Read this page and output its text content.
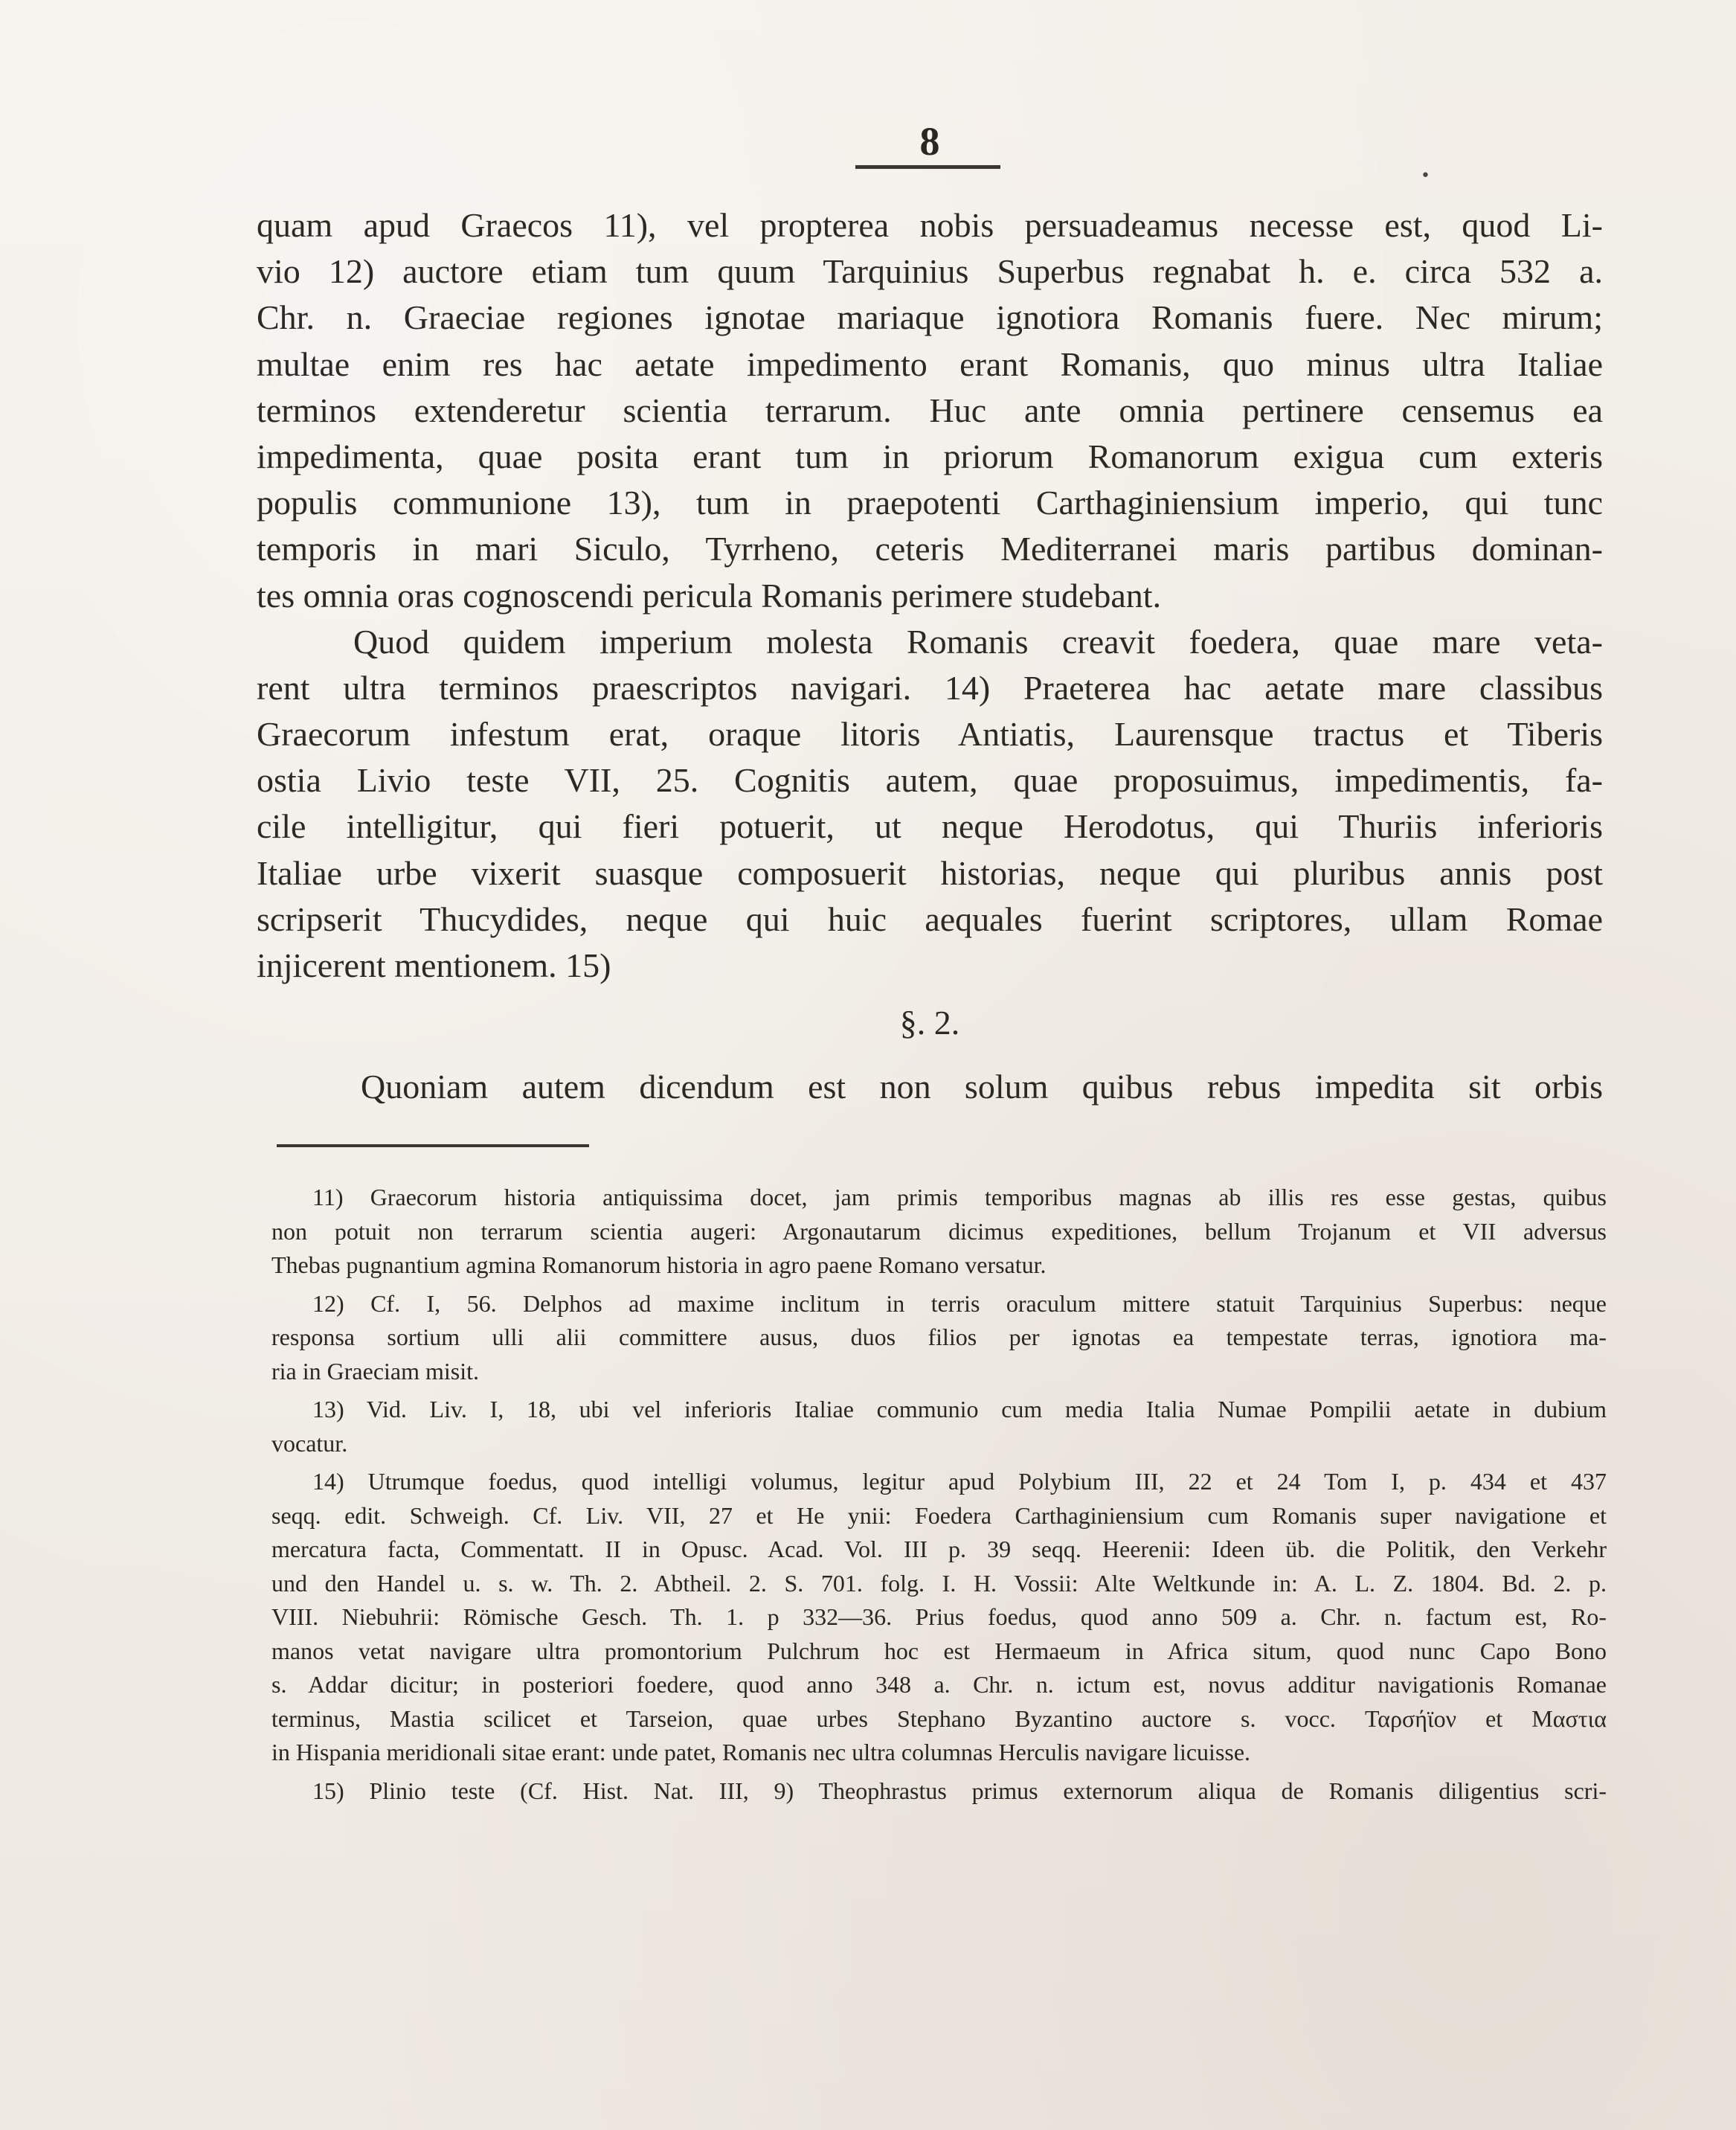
8
•
quam apud Graecos 11), vel propterea nobis persuadeamus necesse est, quod Li-
vio 12) auctore etiam tum quum Tarquinius Superbus regnabat h. e. circa 532 a.
Chr. n. Graeciae regiones ignotae mariaque ignotiora Romanis fuere. Nec mirum;
multae enim res hac aetate impedimento erant Romanis, quo minus ultra Italiae
terminos extenderetur scientia terrarum. Huc ante omnia pertinere censemus ea
impedimenta, quae posita erant tum in priorum Romanorum exigua cum exteris
populis communione 13), tum in praepotenti Carthaginiensium imperio, qui tunc
temporis in mari Siculo, Tyrrheno, ceteris Mediterranei maris partibus dominan-
tes omnia oras cognoscendi pericula Romanis perimere studebant.
Quod quidem imperium molesta Romanis creavit foedera, quae mare veta-
rent ultra terminos praescriptos navigari. 14) Praeterea hac aetate mare classibus
Graecorum infestum erat, oraque litoris Antiatis, Laurensque tractus et Tiberis
ostia Livio teste VII, 25. Cognitis autem, quae proposuimus, impedimentis, fa-
cile intelligitur, qui fieri potuerit, ut neque Herodotus, qui Thuriis inferioris
Italiae urbe vixerit suasque composuerit historias, neque qui pluribus annis post
scripserit Thucydides, neque qui huic aequales fuerint scriptores, ullam Romae
injicerent mentionem. 15)
§. 2.
Quoniam autem dicendum est non solum quibus rebus impedita sit orbis
11) Graecorum historia antiquissima docet, jam primis temporibus magnas ab illis res esse gestas, quibus
non potuit non terrarum scientia augeri: Argonautarum dicimus expeditiones, bellum Trojanum et VII adversus
Thebas pugnantium agmina Romanorum historia in agro paene Romano versatur.
12) Cf. I, 56. Delphos ad maxime inclitum in terris oraculum mittere statuit Tarquinius Superbus: neque
responsa sortium ulli alii committere ausus, duos filios per ignotas ea tempestate terras, ignotiora ma-
ria in Graeciam misit.
13) Vid. Liv. I, 18, ubi vel inferioris Italiae communio cum media Italia Numae Pompilii aetate in dubium
vocatur.
14) Utrumque foedus, quod intelligi volumus, legitur apud Polybium III, 22 et 24 Tom I, p. 434 et 437
seqq. edit. Schweigh. Cf. Liv. VII, 27 et He ynii: Foedera Carthaginiensium cum Romanis super navigatione et
mercatura facta, Commentatt. II in Opusc. Acad. Vol. III p. 39 seqq. Heerenii: Ideen üb. die Politik, den Verkehr
und den Handel u. s. w. Th. 2. Abtheil. 2. S. 701. folg. I. H. Vossii: Alte Weltkunde in: A. L. Z. 1804. Bd. 2. p.
VIII. Niebuhrii: Römische Gesch. Th. 1. p 332—36. Prius foedus, quod anno 509 a. Chr. n. factum est, Ro-
manos vetat navigare ultra promontorium Pulchrum hoc est Hermaeum in Africa situm, quod nunc Capo Bono
s. Addar dicitur; in posteriori foedere, quod anno 348 a. Chr. n. ictum est, novus additur navigationis Romanae
terminus, Mastia scilicet et Tarseion, quae urbes Stephano Byzantino auctore s. vocc. Ταρσήϊον et Μαστια
in Hispania meridionali sitae erant: unde patet, Romanis nec ultra columnas Herculis navigare licuisse.
15) Plinio teste (Cf. Hist. Nat. III, 9) Theophrastus primus externorum aliqua de Romanis diligentius scri-
